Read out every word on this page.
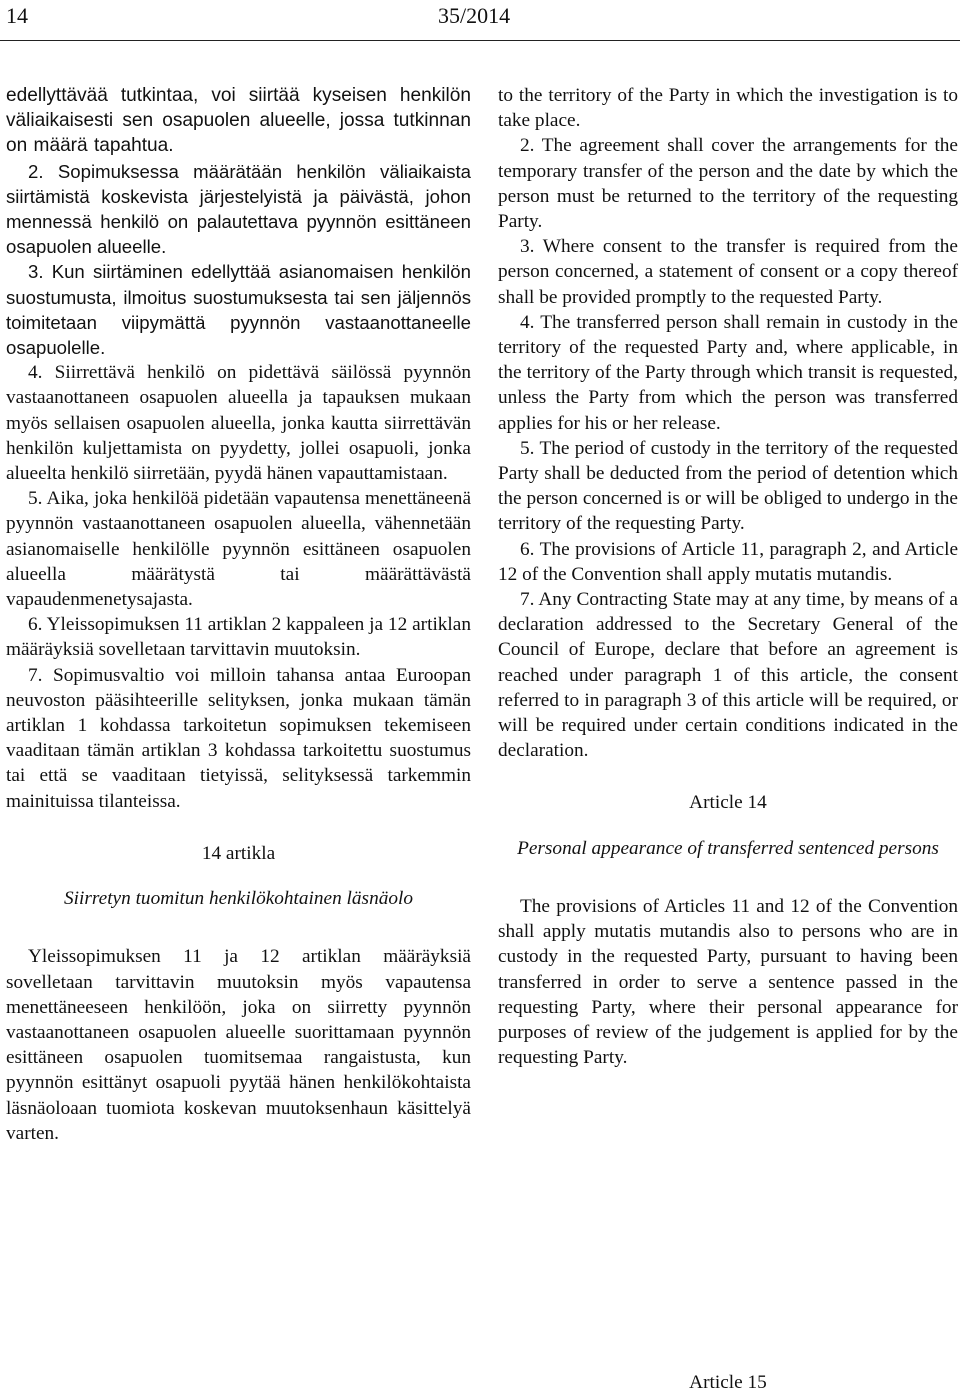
14	35/2014

edellyttävää tutkintaa, voi siirtää kyseisen henkilön väliaikaisesti sen osapuolen alueelle, jossa tutkinnan on määrä tapahtua.

2. Sopimuksessa määrätään henkilön väliaikaista siirtämistä koskevista järjestelyistä ja päivästä, johon mennessä henkilö on palautettava pyynnön esittäneen osapuolen alueelle.

3. Kun siirtäminen edellyttää asianomaisen henkilön suostumusta, ilmoitus suostumuksesta tai sen jäljennös toimitetaan viipymättä pyynnön vastaanottaneelle osapuolelle.

4. Siirrettävä henkilö on pidettävä säilössä pyynnön vastaanottaneen osapuolen alueella ja tapauksen mukaan myös sellaisen osapuolen alueella, jonka kautta siirrettävän henkilön kuljettamista on pyydetty, jollei osapuoli, jonka alueelta henkilö siirretään, pyydä hänen vapauttamistaan.

5. Aika, joka henkilöä pidetään vapautensa menettäneenä pyynnön vastaanottaneen osapuolen alueella, vähennetään asianomaiselle henkilölle pyynnön esittäneen osapuolen alueella määrätystä tai määrättävästä vapaudenmenetysajasta.

6. Yleissopimuksen 11 artiklan 2 kappaleen ja 12 artiklan määräyksiä sovelletaan tarvittavin muutoksin.

7. Sopimusvaltio voi milloin tahansa antaa Euroopan neuvoston pääsihteerille selityksen, jonka mukaan tämän artiklan 1 kohdassa tarkoitetun sopimuksen tekemiseen vaaditaan tämän artiklan 3 kohdassa tarkoitettu suostumus tai että se vaaditaan tietyissä, selityksessä tarkemmin mainituissa tilanteissa.

14 artikla

Siirretyn tuomitun henkilökohtainen läsnäolo

Yleissopimuksen 11 ja 12 artiklan määräyksiä sovelletaan tarvittavin muutoksin myös vapautensa menettäneeseen henkilöön, joka on siirretty pyynnön vastaanottaneen osapuolen alueelle suorittamaan pyynnön esittäneen osapuolen tuomitsemaa rangaistusta, kun pyynnön esittänyt osapuoli pyytää hänen henkilökohtaista läsnäoloaan tuomiota koskevan muutoksenhaun käsittelyä varten.

to the territory of the Party in which the investigation is to take place.

2. The agreement shall cover the arrangements for the temporary transfer of the person and the date by which the person must be returned to the territory of the requesting Party.

3. Where consent to the transfer is required from the person concerned, a statement of consent or a copy thereof shall be provided promptly to the requested Party.

4. The transferred person shall remain in custody in the territory of the requested Party and, where applicable, in the territory of the Party through which transit is requested, unless the Party from which the person was transferred applies for his or her release.

5. The period of custody in the territory of the requested Party shall be deducted from the period of detention which the person concerned is or will be obliged to undergo in the territory of the requesting Party.

6. The provisions of Article 11, paragraph 2, and Article 12 of the Convention shall apply mutatis mutandis.

7. Any Contracting State may at any time, by means of a declaration addressed to the Secretary General of the Council of Europe, declare that before an agreement is reached under paragraph 1 of this article, the consent referred to in paragraph 3 of this article will be required, or will be required under certain conditions indicated in the declaration.

Article 14

Personal appearance of transferred sentenced persons

The provisions of Articles 11 and 12 of the Convention shall apply mutatis mutandis also to persons who are in custody in the requested Party, pursuant to having been transferred in order to serve a sentence passed in the requesting Party, where their personal appearance for purposes of review of the judgement is applied for by the requesting Party.

Article 15
